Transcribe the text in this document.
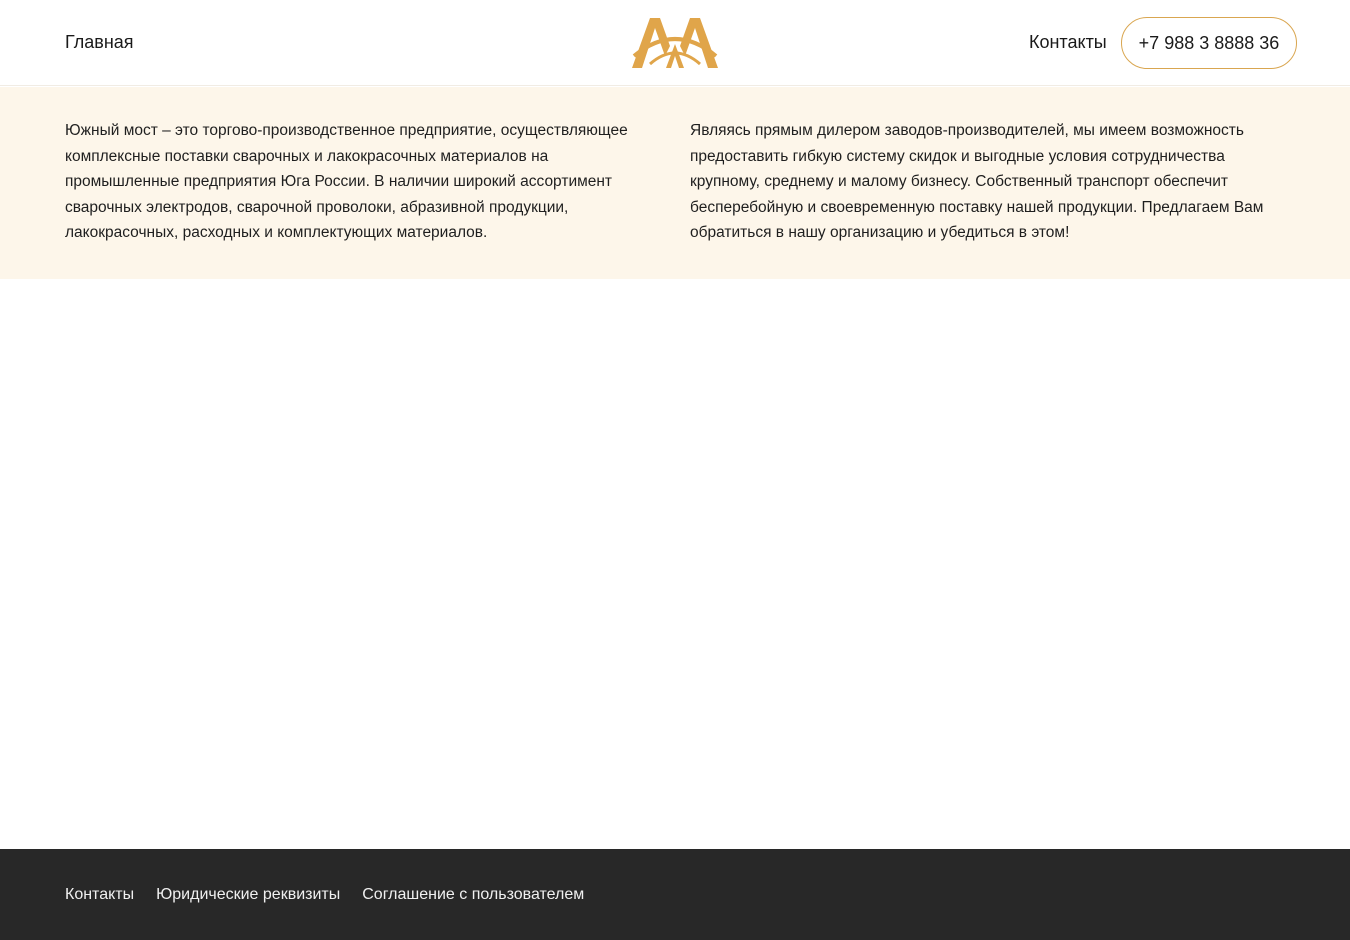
Главная	Контакты	+7 988 3 8888 36

Южный мост – это торгово-производственное предприятие, осуществляющее комплексные поставки сварочных и лакокрасочных материалов на промышленные предприятия Юга России. В наличии широкий ассортимент сварочных электродов, сварочной проволоки, абразивной продукции, лакокрасочных, расходных и комплектующих материалов.

Являясь прямым дилером заводов-производителей, мы имеем возможность предоставить гибкую систему скидок и выгодные условия сотрудничества крупному, среднему и малому бизнесу. Собственный транспорт обеспечит бесперебойную и своевременную поставку нашей продукции. Предлагаем Вам обратиться в нашу организацию и убедиться в этом!

Контакты Юридические реквизиты Соглашение с пользователем
